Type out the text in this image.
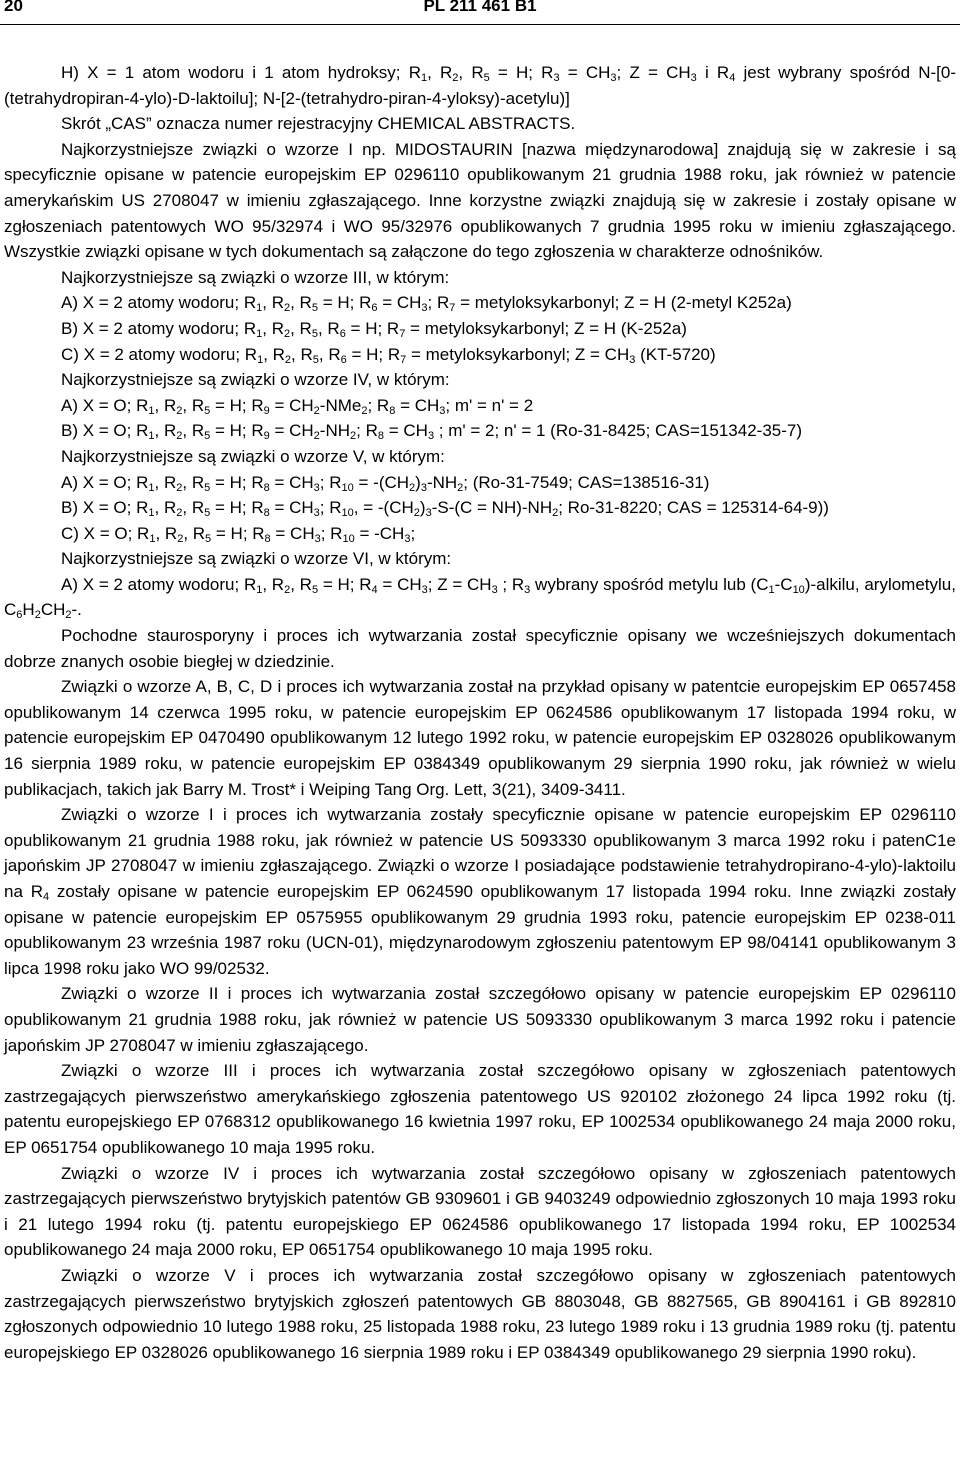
20	PL 211 461 B1

H) X = 1 atom wodoru i 1 atom hydroksy; $R_1$, $R_2$, $R_5 = H$; $R_3 = CH_3$; $Z = CH_3$ i $R_4$ jest wybrany spośród N-[0-(tetrahydropiran-4-ylo)-D-laktoilu]; N-[2-(tetrahydro-piran-4-yloksy)-acetylu)]

Skrót „CAS” oznacza numer rejestracyjny CHEMICAL ABSTRACTS.

Najkorzystniejsze związki o wzorze I np. MIDOSTAURIN [nazwa międzynarodowa] znajdują się w zakresie i są specyficznie opisane w patencie europejskim EP 0296110 opublikowanym 21 grudnia 1988 roku, jak również w patencie amerykańskim US 2708047 w imieniu zgłaszającego. Inne korzystne związki znajdują się w zakresie i zostały opisane w zgłoszeniach patentowych WO 95/32974 i WO 95/32976 opublikowanych 7 grudnia 1995 roku w imieniu zgłaszającego. Wszystkie związki opisane w tych dokumentach są załączone do tego zgłoszenia w charakterze odnośników.

Najkorzystniejsze są związki o wzorze III, w którym:

A) X = 2 atomy wodoru; $R_1$, $R_2$, $R_5 = H$; $R_6 = CH_3$; $R_7$ = metyloksykarbonyl; Z = H (2-metyl K252a)

B) X = 2 atomy wodoru; $R_1$, $R_2$, $R_5$, $R_6 = H$; $R_7$ = metyloksykarbonyl; Z = H (K-252a)

C) X = 2 atomy wodoru; $R_1$, $R_2$, $R_5$, $R_6 = H$; $R_7$ = metyloksykarbonyl; $Z = CH_3$ (KT-5720)

Najkorzystniejsze są związki o wzorze IV, w którym:

A) X = O; $R_1$, $R_2$, $R_5 = H$; $R_9 = CH_2-NMe_2$; $R_8 = CH_3$; m' = n' = 2

B) X = O; $R_1$, $R_2$, $R_5 = H$; $R_9 = CH_2-NH_2$; $R_8 = CH_3$ ; m' = 2; n' = 1 (Ro-31-8425; CAS=151342-35-7)

Najkorzystniejsze są związki o wzorze V, w którym:

A) X = O; $R_1$, $R_2$, $R_5 = H$; $R_8 = CH_3$; $R_{10} = -(CH_2)_3-NH_2$; (Ro-31-7549; CAS=138516-31)

B) X = O; $R_1$, $R_2$, $R_5 = H$; $R_8 = CH_3$; $R_{10}$, = $-(CH_2)_3-S-(C = NH)-NH_2$; Ro-31-8220; CAS = 125314-64-9))

C) X = O; $R_1$, $R_2$, $R_5 = H$; $R_8 = CH_3$; $R_{10} = -CH_3$;

Najkorzystniejsze są związki o wzorze VI, w którym:

A) X = 2 atomy wodoru; $R_1$, $R_2$, $R_5 = H$; $R_4 = CH_3$; $Z = CH_3$ ; $R_3$ wybrany spośród metylu lub $(C_1-C_{10})$-alkilu, arylometylu, $C_6H_2CH_2-$.

Pochodne staurosporyny i proces ich wytwarzania został specyficznie opisany we wcześniejszych dokumentach dobrze znanych osobie biegłej w dziedzinie.

Związki o wzorze A, B, C, D i proces ich wytwarzania został na przykład opisany w patentcie europejskim EP 0657458 opublikowanym 14 czerwca 1995 roku, w patencie europejskim EP 0624586 opublikowanym 17 listopada 1994 roku, w patencie europejskim EP 0470490 opublikowanym 12 lutego 1992 roku, w patencie europejskim EP 0328026 opublikowanym 16 sierpnia 1989 roku, w patencie europejskim EP 0384349 opublikowanym 29 sierpnia 1990 roku, jak również w wielu publikacjach, takich jak Barry M. Trost* i Weiping Tang Org. Lett, 3(21), 3409-3411.

Związki o wzorze I i proces ich wytwarzania zostały specyficznie opisane w patencie europejskim EP 0296110 opublikowanym 21 grudnia 1988 roku, jak również w patencie US 5093330 opublikowanym 3 marca 1992 roku i patenC1e japońskim JP 2708047 w imieniu zgłaszającego. Związki o wzorze I posiadające podstawienie tetrahydropirano-4-ylo)-laktoilu na $R_4$ zostały opisane w patencie europejskim EP 0624590 opublikowanym 17 listopada 1994 roku. Inne związki zostały opisane w patencie europejskim EP 0575955 opublikowanym 29 grudnia 1993 roku, patencie europejskim EP 0238-011 opublikowanym 23 września 1987 roku (UCN-01), międzynarodowym zgłoszeniu patentowym EP 98/04141 opublikowanym 3 lipca 1998 roku jako WO 99/02532.

Związki o wzorze II i proces ich wytwarzania został szczegółowo opisany w patencie europejskim EP 0296110 opublikowanym 21 grudnia 1988 roku, jak również w patencie US 5093330 opublikowanym 3 marca 1992 roku i patencie japońskim JP 2708047 w imieniu zgłaszającego.

Związki o wzorze III i proces ich wytwarzania został szczegółowo opisany w zgłoszeniach patentowych zastrzegających pierwszeństwo amerykańskiego zgłoszenia patentowego US 920102 złożonego 24 lipca 1992 roku (tj. patentu europejskiego EP 0768312 opublikowanego 16 kwietnia 1997 roku, EP 1002534 opublikowanego 24 maja 2000 roku, EP 0651754 opublikowanego 10 maja 1995 roku.

Związki o wzorze IV i proces ich wytwarzania został szczegółowo opisany w zgłoszeniach patentowych zastrzegających pierwszeństwo brytyjskich patentów GB 9309601 i GB 9403249 odpowiednio zgłoszonych 10 maja 1993 roku i 21 lutego 1994 roku (tj. patentu europejskiego EP 0624586 opublikowanego 17 listopada 1994 roku, EP 1002534 opublikowanego 24 maja 2000 roku, EP 0651754 opublikowanego 10 maja 1995 roku.

Związki o wzorze V i proces ich wytwarzania został szczegółowo opisany w zgłoszeniach patentowych zastrzegających pierwszeństwo brytyjskich zgłoszeń patentowych GB 8803048, GB 8827565, GB 8904161 i GB 892810 zgłoszonych odpowiednio 10 lutego 1988 roku, 25 listopada 1988 roku, 23 lutego 1989 roku i 13 grudnia 1989 roku (tj. patentu europejskiego EP 0328026 opublikowanego 16 sierpnia 1989 roku i EP 0384349 opublikowanego 29 sierpnia 1990 roku).
